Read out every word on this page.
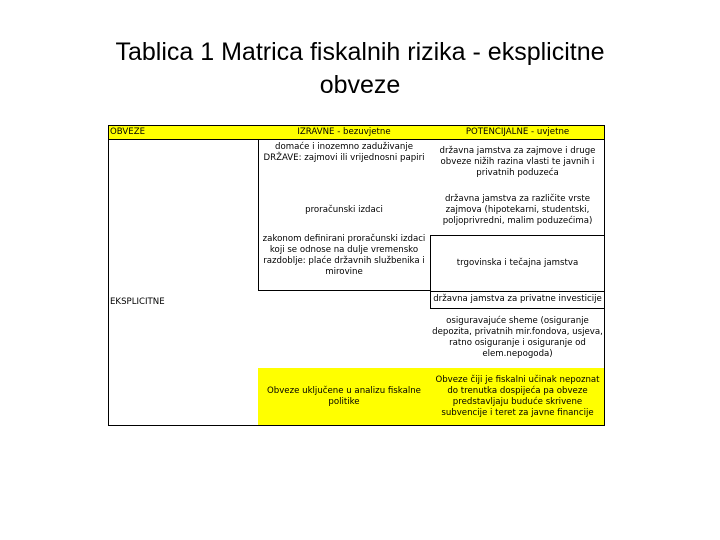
Tablica 1 Matrica fiskalnih rizika - eksplicitne
obveze
OBVEZE	IZRAVNE - bezuvjetne	POTENCIJALNE - uvjetne
Obveze uključene u analizu fiskalne politike
Obveze čiji je fiskalni učinak nepoznat do trenutka dospijeća pa obveze predstavljaju buduće skrivene subvencije i teret za javne financije
EKSPLICITNE
domaće i inozemno zaduživanje DRŽAVE: zajmovi ili vrijednosni papiri
proračunski izdaci
zakonom definirani proračunski izdaci koji se odnose na dulje vremensko razdoblje: plaće državnih službenika i mirovine
državna jamstva za zajmove i druge obveze nižih razina vlasti te javnih i privatnih poduzeća
državna jamstva za različite vrste zajmova (hipotekarni, studentski, poljoprivredni, malim poduzećima)
trgovinska i tečajna jamstva
državna jamstva za privatne investicije
osiguravajuće sheme (osiguranje depozita, privatnih mir.fondova, usjeva, ratno osiguranje i osiguranje od elem.nepogoda)
